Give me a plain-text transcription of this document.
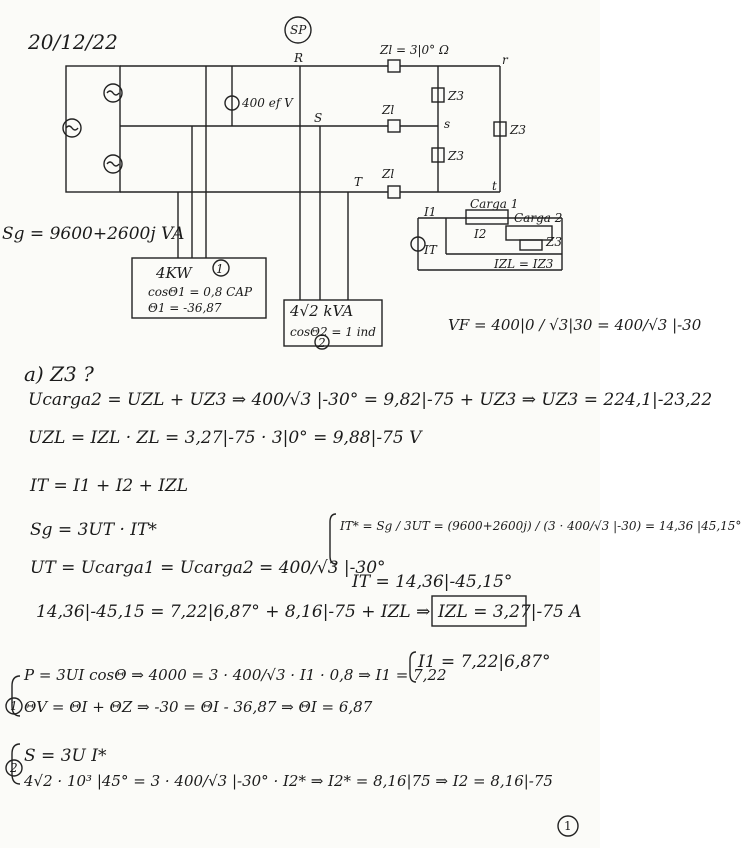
20/12/22	SP
R
S
T
r
s
t
400 ef V
Zl = 3|0° Ω
Zl
Zl
Z3
Z3
Z3
Sg = 9600+2600j VA
4KW 1
cosΘ1 = 0,8 CAP
Θ1 = -36,87	4√2 kVA
cosΘ2 = 1 ind
2
Carga 1
Carga 2
I1
I2
IT
Z3
IZL = IZ3
VF = 400|0 / √3|30 = 400/√3 |-30
a) Z3 ?
Ucarga2 = UZL + UZ3 ⇒ 400/√3 |-30° = 9,82|-75 + UZ3 ⇒ UZ3 = 224,1|-23,22
UZL = IZL · ZL = 3,27|-75 · 3|0° = 9,88|-75 V
IT = I1 + I2 + IZL
Sg = 3UT · IT*
UT = Ucarga1 = Ucarga2 = 400/√3 |-30°
IT* = Sg / 3UT = (9600+2600j) / (3 · 400/√3 |-30) = 14,36 |45,15°
IT = 14,36|-45,15°
14,36|-45,15 = 7,22|6,87° + 8,16|-75 + IZL ⇒ IZL = 3,27|-75 A
1
P = 3UI cosΘ ⇒ 4000 = 3 · 400/√3 · I1 · 0,8 ⇒ I1 = 7,22
ΘV = ΘI + ΘZ ⇒ -30 = ΘI - 36,87 ⇒ ΘI = 6,87
I1 = 7,22|6,87°
2
S = 3U I*
4√2 · 10³ |45° = 3 · 400/√3 |-30° · I2* ⇒ I2* = 8,16|75 ⇒ I2 = 8,16|-75
1
